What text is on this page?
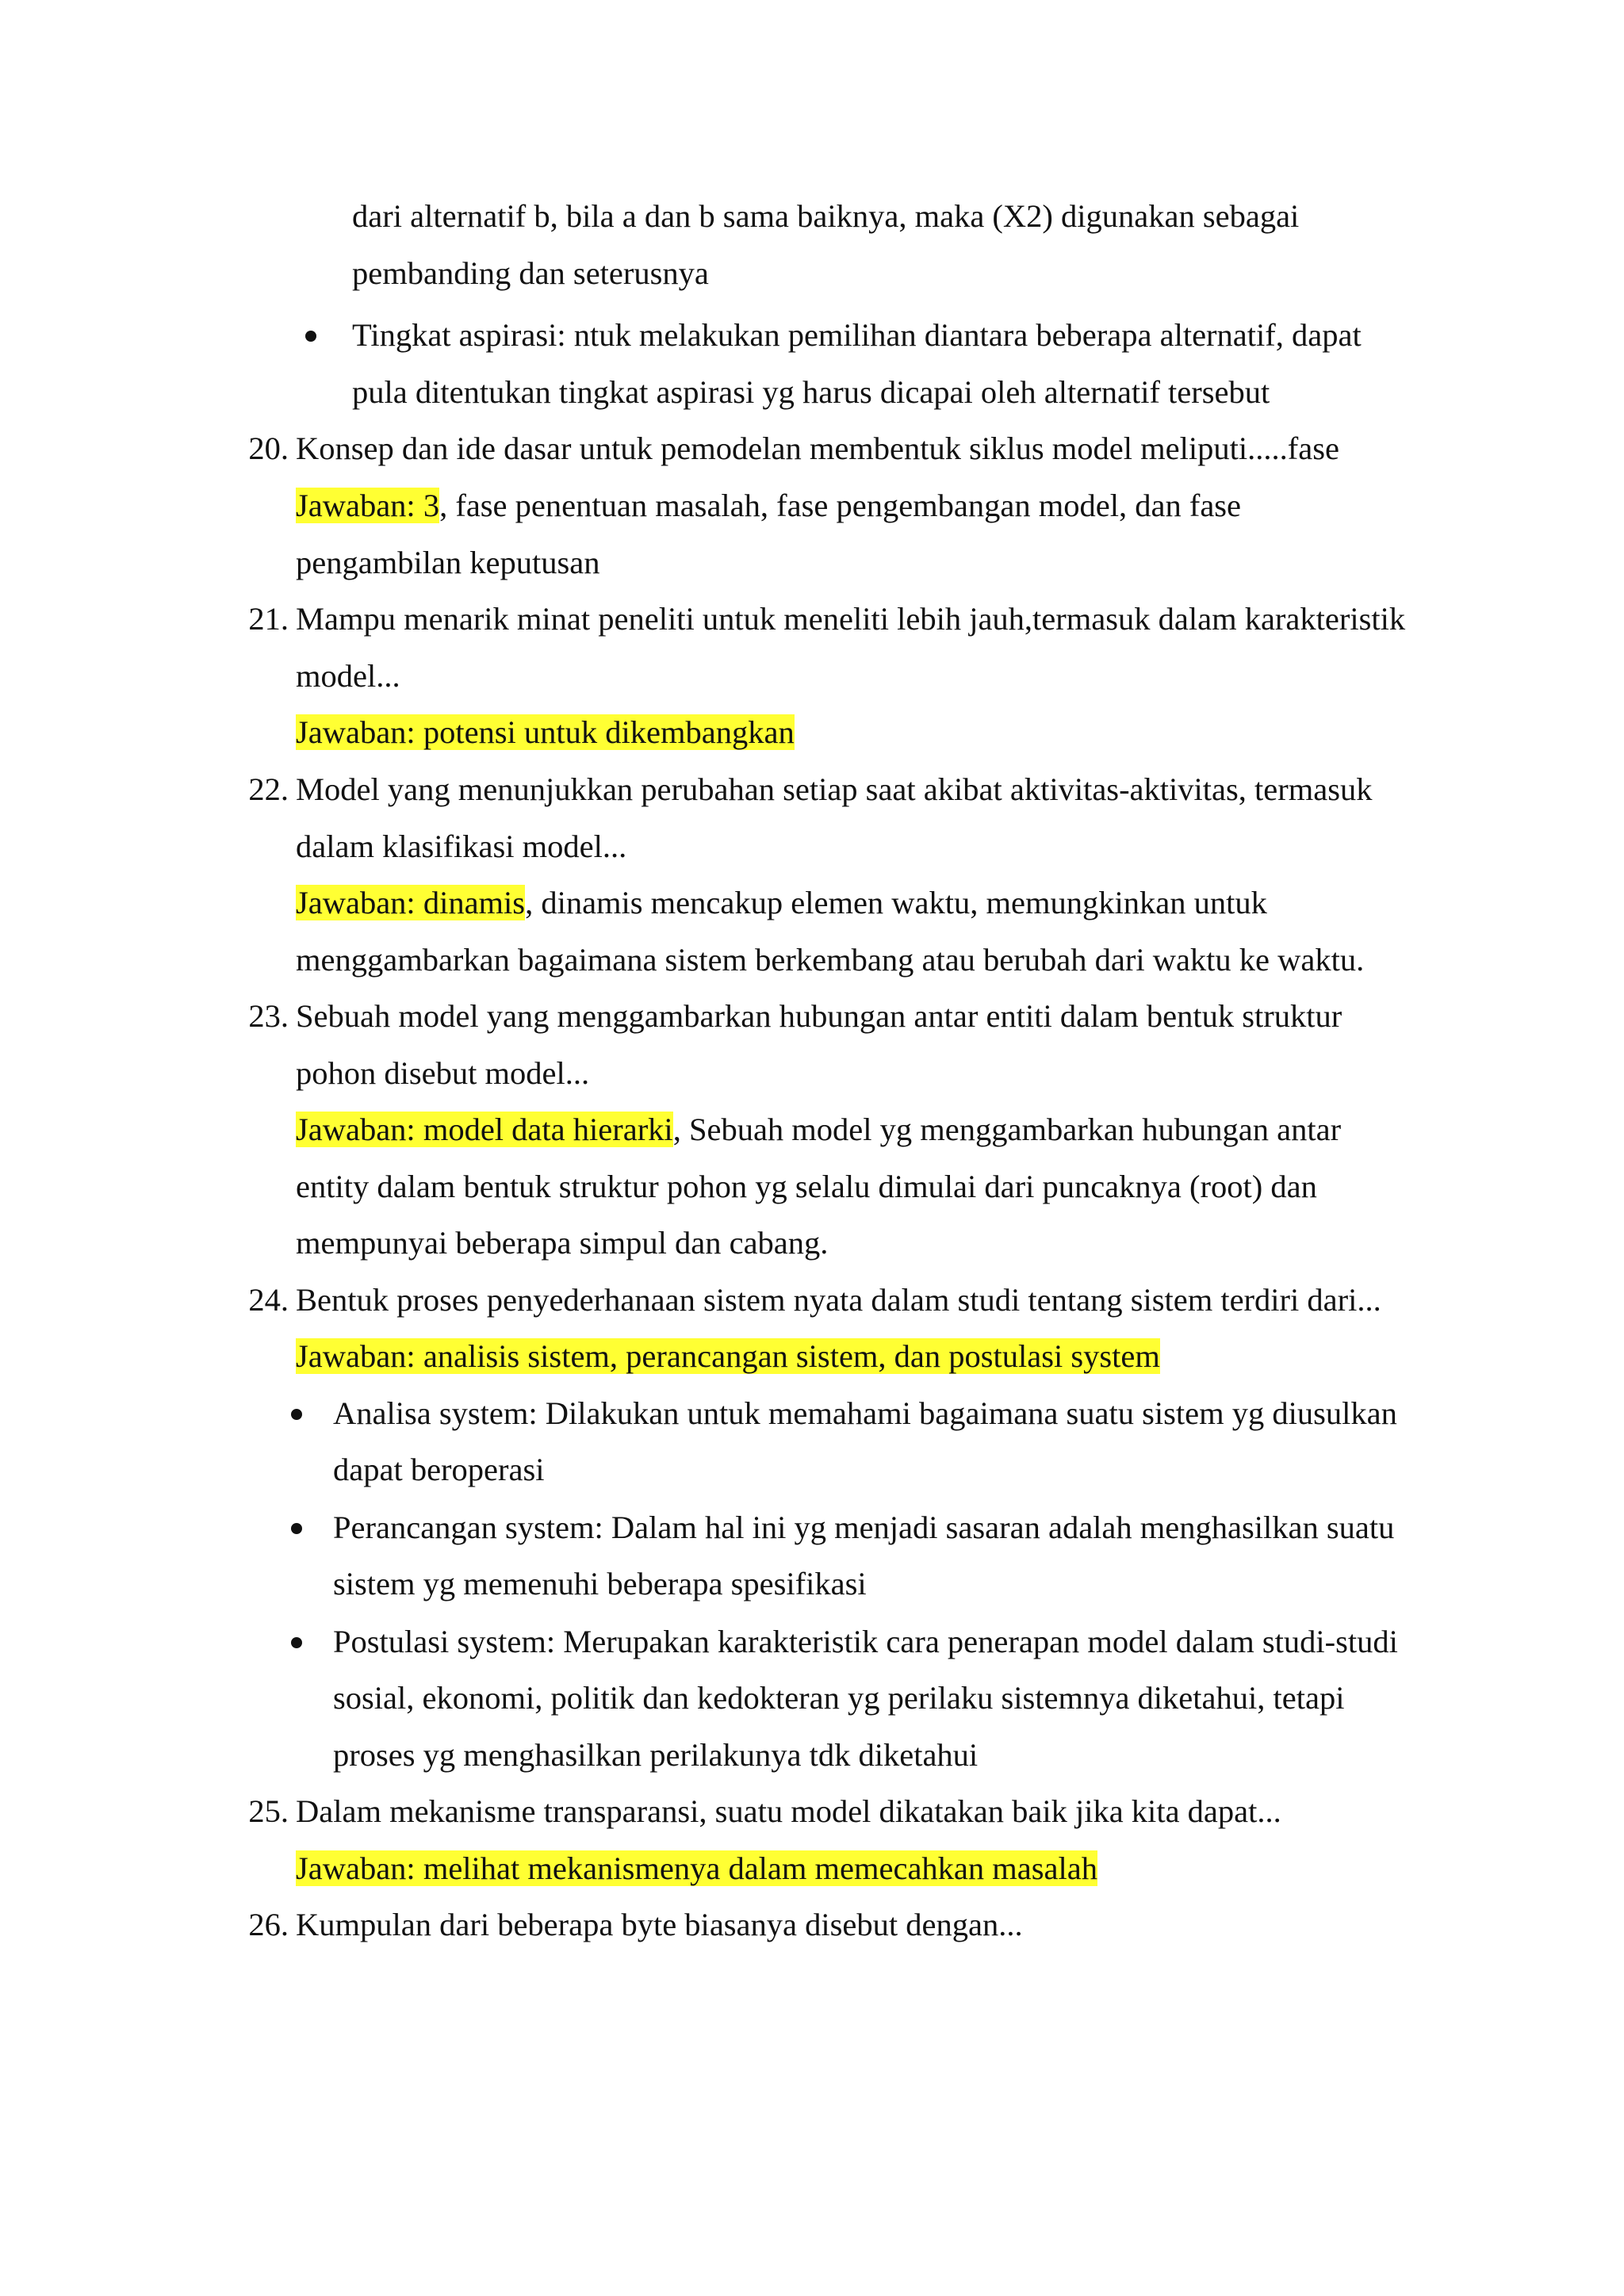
dari alternatif b, bila a dan b sama baiknya, maka (X2) digunakan sebagai
pembanding dan seterusnya
Tingkat aspirasi: ntuk melakukan pemilihan diantara beberapa alternatif, dapat
pula ditentukan tingkat aspirasi yg harus dicapai oleh alternatif tersebut
20. Konsep dan ide dasar untuk pemodelan membentuk siklus model meliputi.....fase
Jawaban: 3, fase penentuan masalah, fase pengembangan model, dan fase
pengambilan keputusan
21. Mampu menarik minat peneliti untuk meneliti lebih jauh,termasuk dalam karakteristik
model...
Jawaban: potensi untuk dikembangkan
22. Model yang menunjukkan perubahan setiap saat akibat aktivitas-aktivitas, termasuk
dalam klasifikasi model...
Jawaban: dinamis, dinamis mencakup elemen waktu, memungkinkan untuk
menggambarkan bagaimana sistem berkembang atau berubah dari waktu ke waktu.
23. Sebuah model yang menggambarkan hubungan antar entiti dalam bentuk struktur
pohon disebut model...
Jawaban: model data hierarki, Sebuah model yg menggambarkan hubungan antar
entity dalam bentuk struktur pohon yg selalu dimulai dari puncaknya (root) dan
mempunyai beberapa simpul dan cabang.
24. Bentuk proses penyederhanaan sistem nyata dalam studi tentang sistem terdiri dari...
Jawaban: analisis sistem, perancangan sistem, dan postulasi system
Analisa system: Dilakukan untuk memahami bagaimana suatu sistem yg diusulkan
dapat beroperasi
Perancangan system: Dalam hal ini yg menjadi sasaran adalah menghasilkan suatu
sistem yg memenuhi beberapa spesifikasi
Postulasi system: Merupakan karakteristik cara penerapan model dalam studi-studi
sosial, ekonomi, politik dan kedokteran yg perilaku sistemnya diketahui, tetapi
proses yg menghasilkan perilakunya tdk diketahui
25. Dalam mekanisme transparansi, suatu model dikatakan baik jika kita dapat...
Jawaban: melihat mekanismenya dalam memecahkan masalah
26. Kumpulan dari beberapa byte biasanya disebut dengan...
